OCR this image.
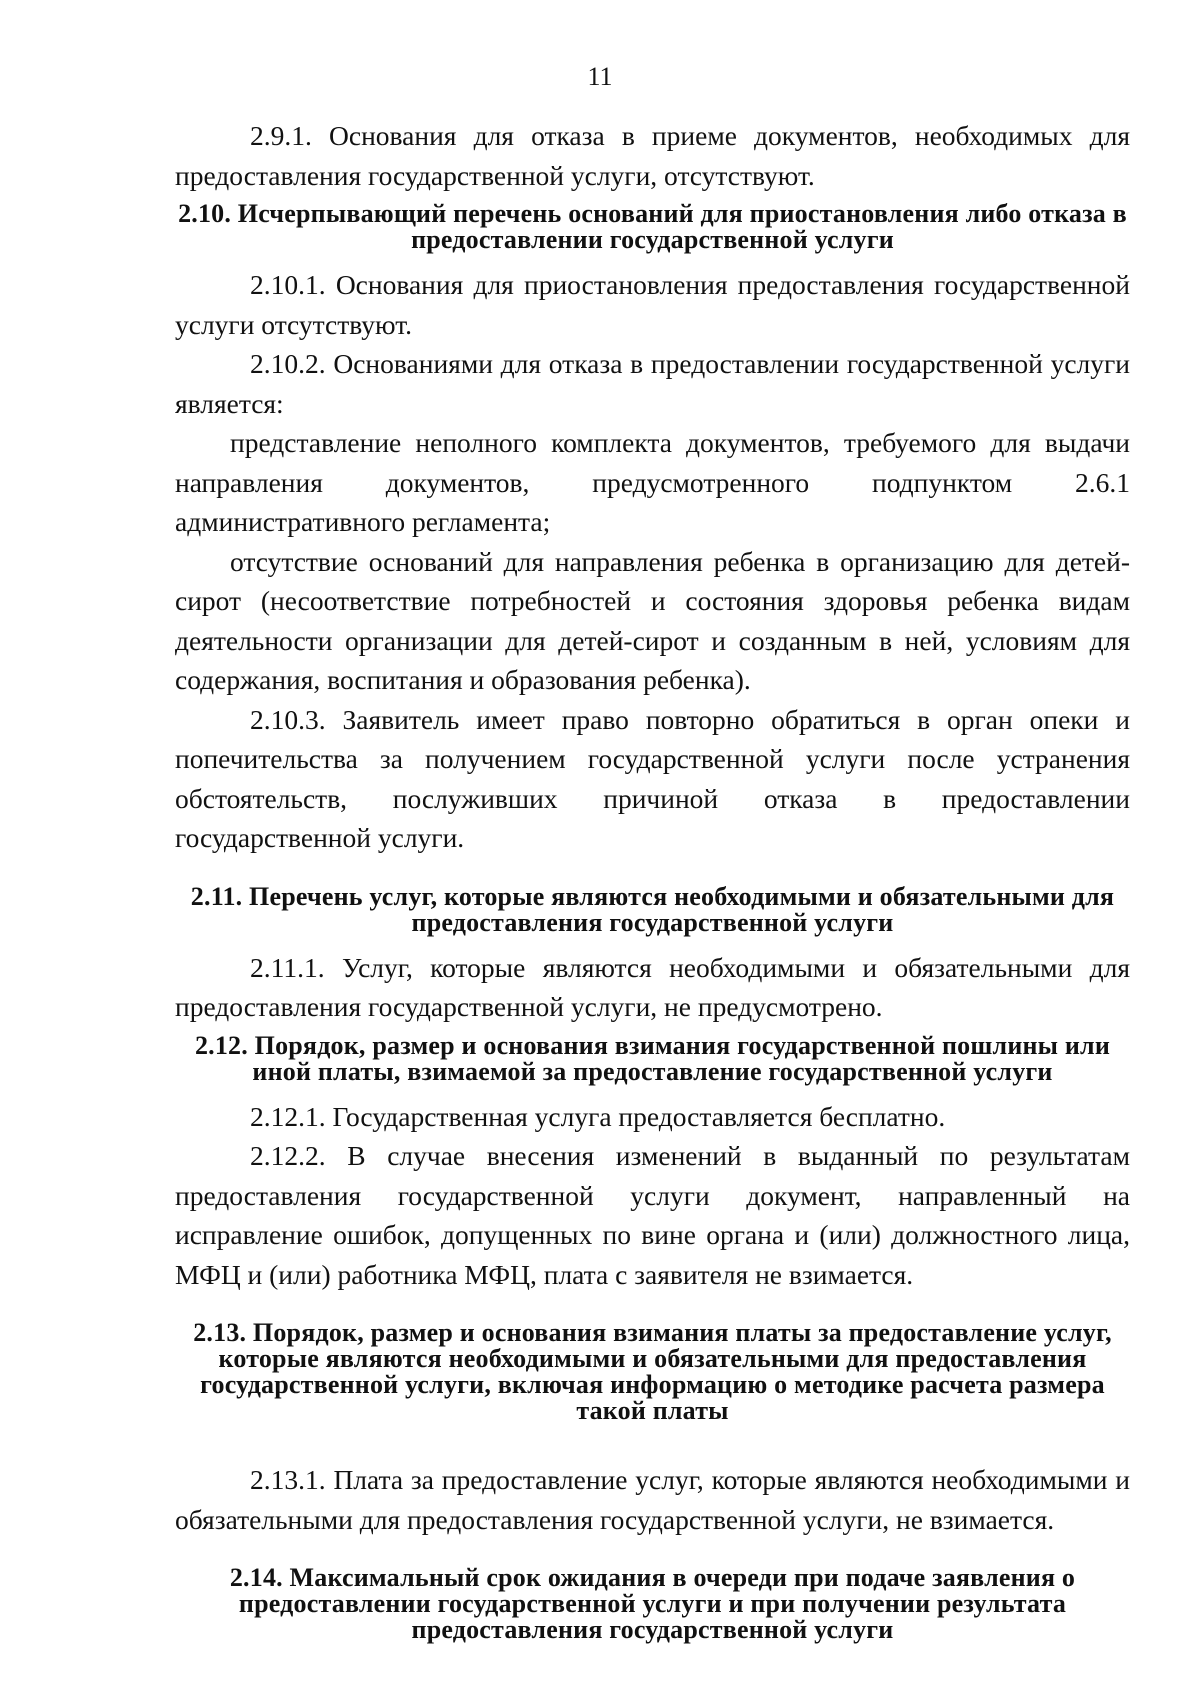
11

2.9.1. Основания для отказа в приеме документов, необходимых для предоставления государственной услуги, отсутствуют.

2.10. Исчерпывающий перечень оснований для приостановления либо отказа в предоставлении государственной услуги

2.10.1. Основания для приостановления предоставления государственной услуги отсутствуют.

2.10.2. Основаниями для отказа в предоставлении государственной услуги является:

представление неполного комплекта документов, требуемого для выдачи направления документов, предусмотренного подпунктом 2.6.1 административного регламента;

отсутствие оснований для направления ребенка в организацию для детей-сирот (несоответствие потребностей и состояния здоровья ребенка видам деятельности организации для детей-сирот и созданным в ней, условиям для содержания, воспитания и образования ребенка).

2.10.3. Заявитель имеет право повторно обратиться в орган опеки и попечительства за получением государственной услуги после устранения обстоятельств, послуживших причиной отказа в предоставлении государственной услуги.

2.11. Перечень услуг, которые являются необходимыми и обязательными для предоставления государственной услуги

2.11.1. Услуг, которые являются необходимыми и обязательными для предоставления государственной услуги, не предусмотрено.

2.12. Порядок, размер и основания взимания государственной пошлины или иной платы, взимаемой за предоставление государственной услуги

2.12.1. Государственная услуга предоставляется бесплатно.

2.12.2. В случае внесения изменений в выданный по результатам предоставления государственной услуги документ, направленный на исправление ошибок, допущенных по вине органа и (или) должностного лица, МФЦ и (или) работника МФЦ, плата с заявителя не взимается.

2.13. Порядок, размер и основания взимания платы за предоставление услуг, которые являются необходимыми и обязательными для предоставления государственной услуги, включая информацию о методике расчета размера такой платы

2.13.1. Плата за предоставление услуг, которые являются необходимыми и обязательными для предоставления государственной услуги, не взимается.

2.14. Максимальный срок ожидания в очереди при подаче заявления о предоставлении государственной услуги и при получении результата предоставления государственной услуги
